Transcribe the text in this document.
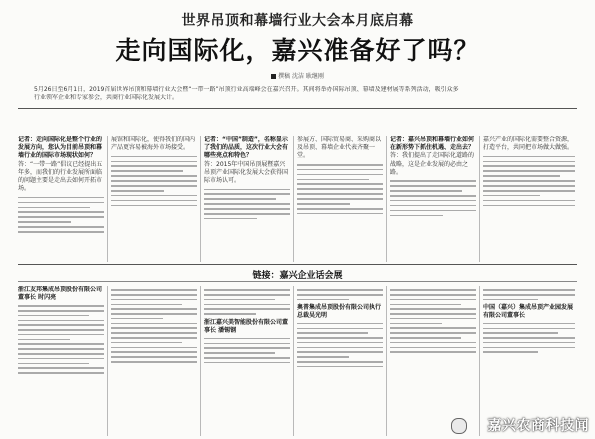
世界吊顶和幕墙行业大会本月底启幕
走向国际化，嘉兴准备好了吗？
撰稿 沈洁 耿继刚

5月26日至6月1日，2019首届世界吊顶和幕墙行业大会暨“一带一路”吊顶行业高端峰会在嘉兴召开。其间将举办国际吊顶、幕墙及建材展等系列活动，吸引众多

行业领军企业和专家参会，共商行业国际化发展大计。

记者：走向国际化是整个行业的发展方向，您认为目前吊顶和幕墙行业的国际市场现状如何？
答：“一带一路”倡议已经提出五年多，而我们的行业发展所面临的问题主要是走出去如何开拓市场。
展馆和国际化，使得我们的国内产品更容易被海外市场接受。
记者：“中国”制造”，名称显示了我们的品质，这次行业大会有哪些亮点和特色？
答：2015年中国吊顶展暨嘉兴吊顶产业国际化发展大会获得国际市场认可。
参展方、国际贸易商、采购商以及吊顶、幕墙企业代表齐聚一堂。
记者：嘉兴吊顶和幕墙行业如何在新形势下抓住机遇、走出去？
答：我们提出了走国际化道路的战略，这是企业发展的必由之路。
嘉兴产业的国际化需要整合资源，打造平台，共同把市场做大做强。
链接：嘉兴企业话会展
浙江友邦集成吊顶股份有限公司董事长 时闪亮
浙江嘉兴美智能股份有限公司董事长 潘锡钢
奥普集成吊顶股份有限公司执行总裁吴光明
中国（嘉兴）集成吊顶产业园发展有限公司董事长
嘉兴农商科技闻
